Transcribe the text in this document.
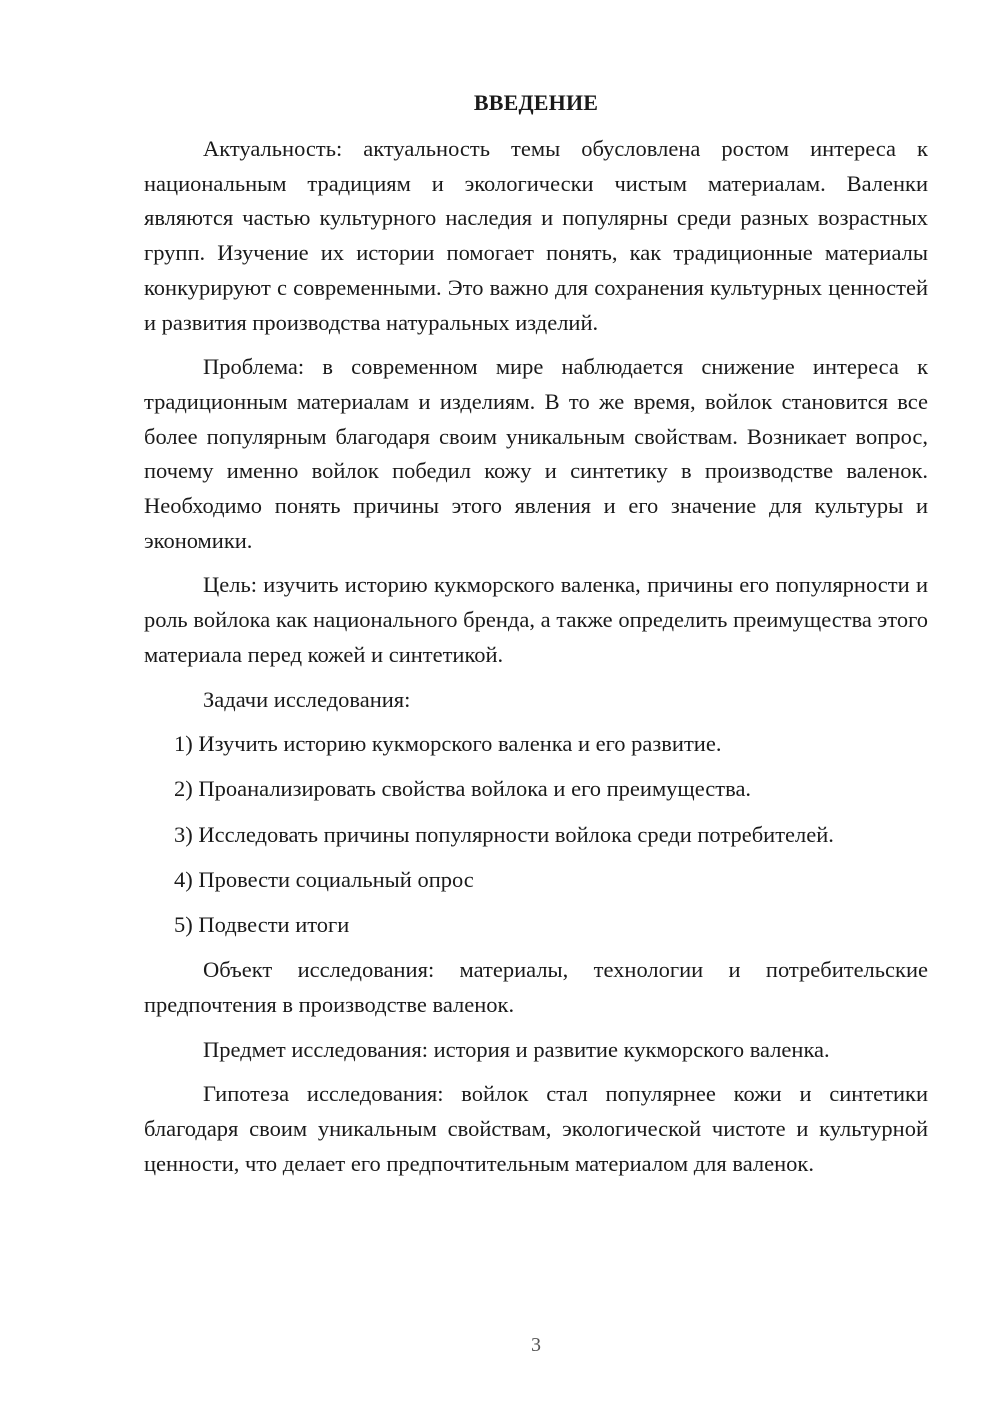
ВВЕДЕНИЕ

Актуальность: актуальность темы обусловлена ростом интереса к национальным традициям и экологически чистым материалам. Валенки являются частью культурного наследия и популярны среди разных возрастных групп. Изучение их истории помогает понять, как традиционные материалы конкурируют с современными. Это важно для сохранения культурных ценностей и развития производства натуральных изделий.

Проблема: в современном мире наблюдается снижение интереса к традиционным материалам и изделиям. В то же время, войлок становится все более популярным благодаря своим уникальным свойствам. Возникает вопрос, почему именно войлок победил кожу и синтетику в производстве валенок. Необходимо понять причины этого явления и его значение для культуры и экономики.

Цель: изучить историю кукморского валенка, причины его популярности и роль войлока как национального бренда, а также определить преимущества этого материала перед кожей и синтетикой.

Задачи исследования:

1) Изучить историю кукморского валенка и его развитие.
2) Проанализировать свойства войлока и его преимущества.
3) Исследовать причины популярности войлока среди потребителей.
4) Провести социальный опрос
5) Подвести итоги

Объект исследования: материалы, технологии и потребительские предпочтения в производстве валенок.

Предмет исследования: история и развитие кукморского валенка.

Гипотеза исследования: войлок стал популярнее кожи и синтетики благодаря своим уникальным свойствам, экологической чистоте и культурной ценности, что делает его предпочтительным материалом для валенок.

3
